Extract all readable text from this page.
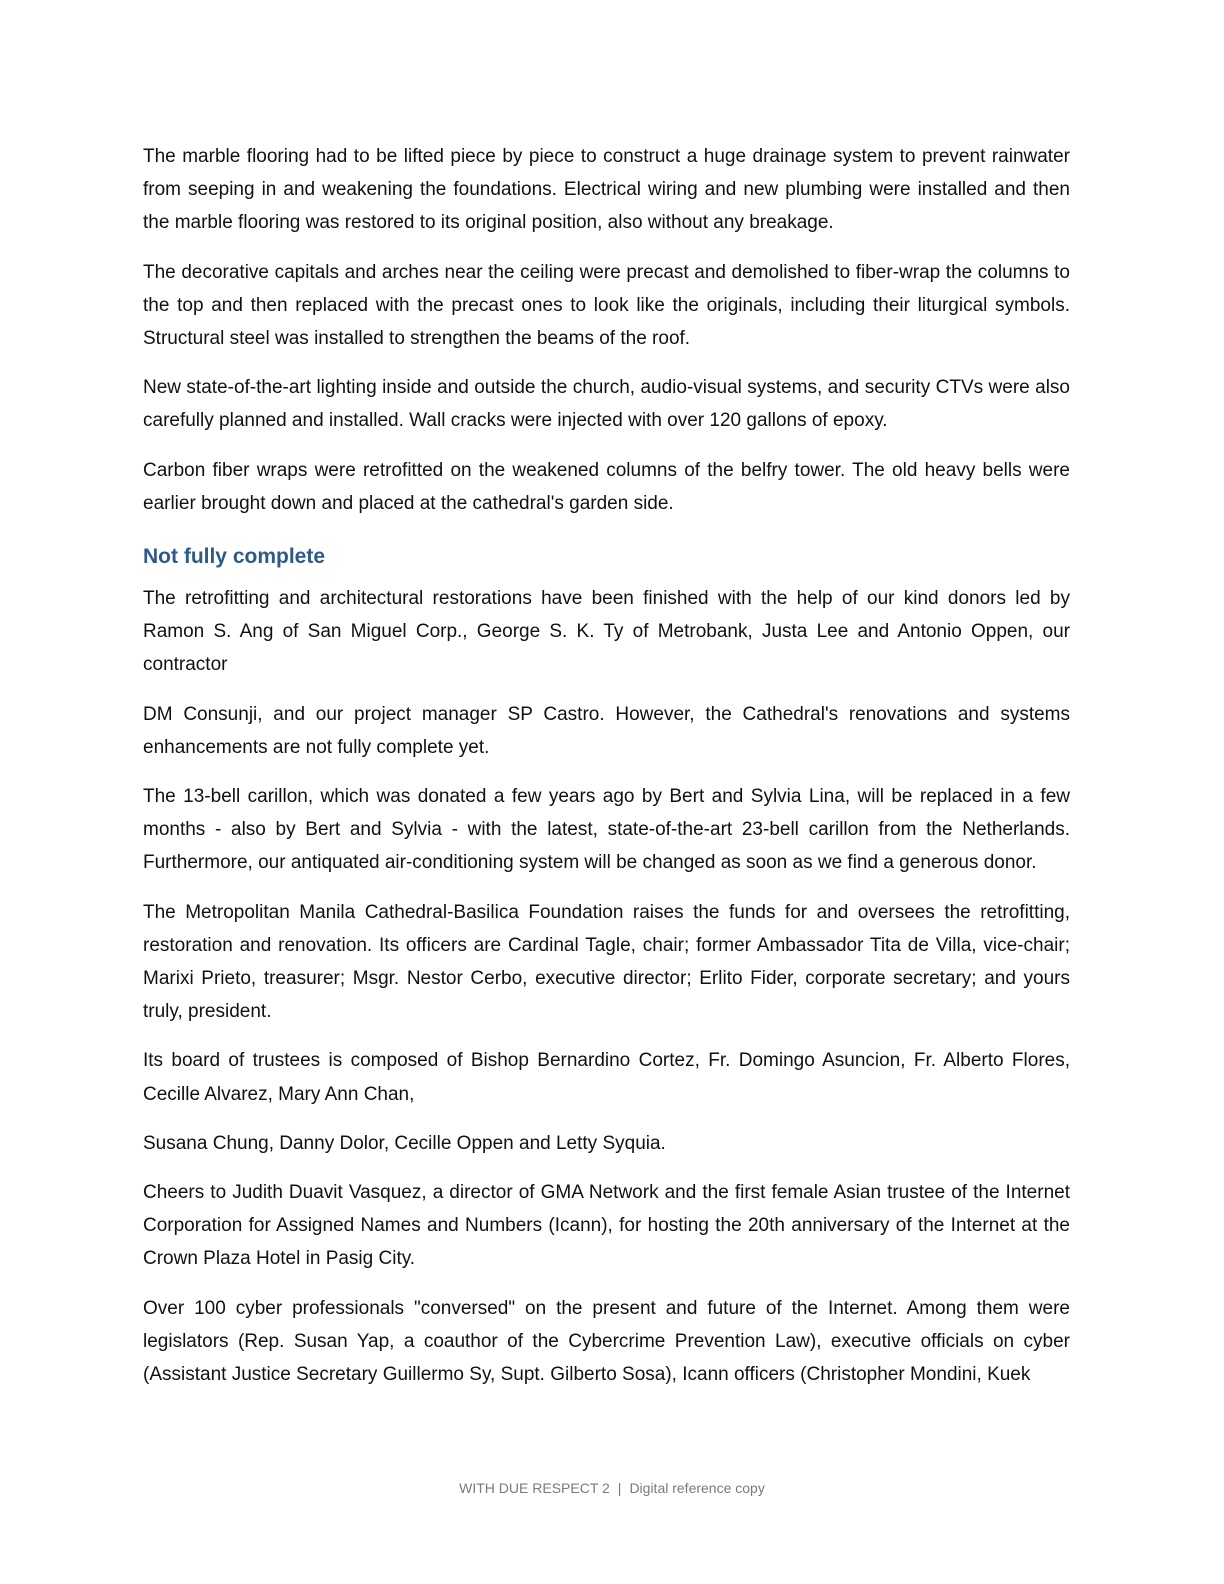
The marble flooring had to be lifted piece by piece to construct a huge drainage system to prevent rainwater from seeping in and weakening the foundations. Electrical wiring and new plumbing were installed and then the marble flooring was restored to its original position, also without any breakage.

The decorative capitals and arches near the ceiling were precast and demolished to fiber-wrap the columns to the top and then replaced with the precast ones to look like the originals, including their liturgical symbols. Structural steel was installed to strengthen the beams of the roof.

New state-of-the-art lighting inside and outside the church, audio-visual systems, and security CTVs were also carefully planned and installed. Wall cracks were injected with over 120 gallons of epoxy.

Carbon fiber wraps were retrofitted on the weakened columns of the belfry tower. The old heavy bells were earlier brought down and placed at the cathedral's garden side.

Not fully complete

The retrofitting and architectural restorations have been finished with the help of our kind donors led by Ramon S. Ang of San Miguel Corp., George S. K. Ty of Metrobank, Justa Lee and Antonio Oppen, our contractor

DM Consunji, and our project manager SP Castro. However, the Cathedral's renovations and systems enhancements are not fully complete yet.

The 13-bell carillon, which was donated a few years ago by Bert and Sylvia Lina, will be replaced in a few months - also by Bert and Sylvia - with the latest, state-of-the-art 23-bell carillon from the Netherlands. Furthermore, our antiquated air-conditioning system will be changed as soon as we find a generous donor.

The Metropolitan Manila Cathedral-Basilica Foundation raises the funds for and oversees the retrofitting, restoration and renovation. Its officers are Cardinal Tagle, chair; former Ambassador Tita de Villa, vice-chair; Marixi Prieto, treasurer; Msgr. Nestor Cerbo, executive director; Erlito Fider, corporate secretary; and yours truly, president.

Its board of trustees is composed of Bishop Bernardino Cortez, Fr. Domingo Asuncion, Fr. Alberto Flores, Cecille Alvarez, Mary Ann Chan,

Susana Chung, Danny Dolor, Cecille Oppen and Letty Syquia.

Cheers to Judith Duavit Vasquez, a director of GMA Network and the first female Asian trustee of the Internet Corporation for Assigned Names and Numbers (Icann), for hosting the 20th anniversary of the Internet at the Crown Plaza Hotel in Pasig City.

Over 100 cyber professionals "conversed" on the present and future of the Internet. Among them were legislators (Rep. Susan Yap, a coauthor of the Cybercrime Prevention Law), executive officials on cyber (Assistant Justice Secretary Guillermo Sy, Supt. Gilberto Sosa), Icann officers (Christopher Mondini, Kuek

WITH DUE RESPECT 2 | Digital reference copy
